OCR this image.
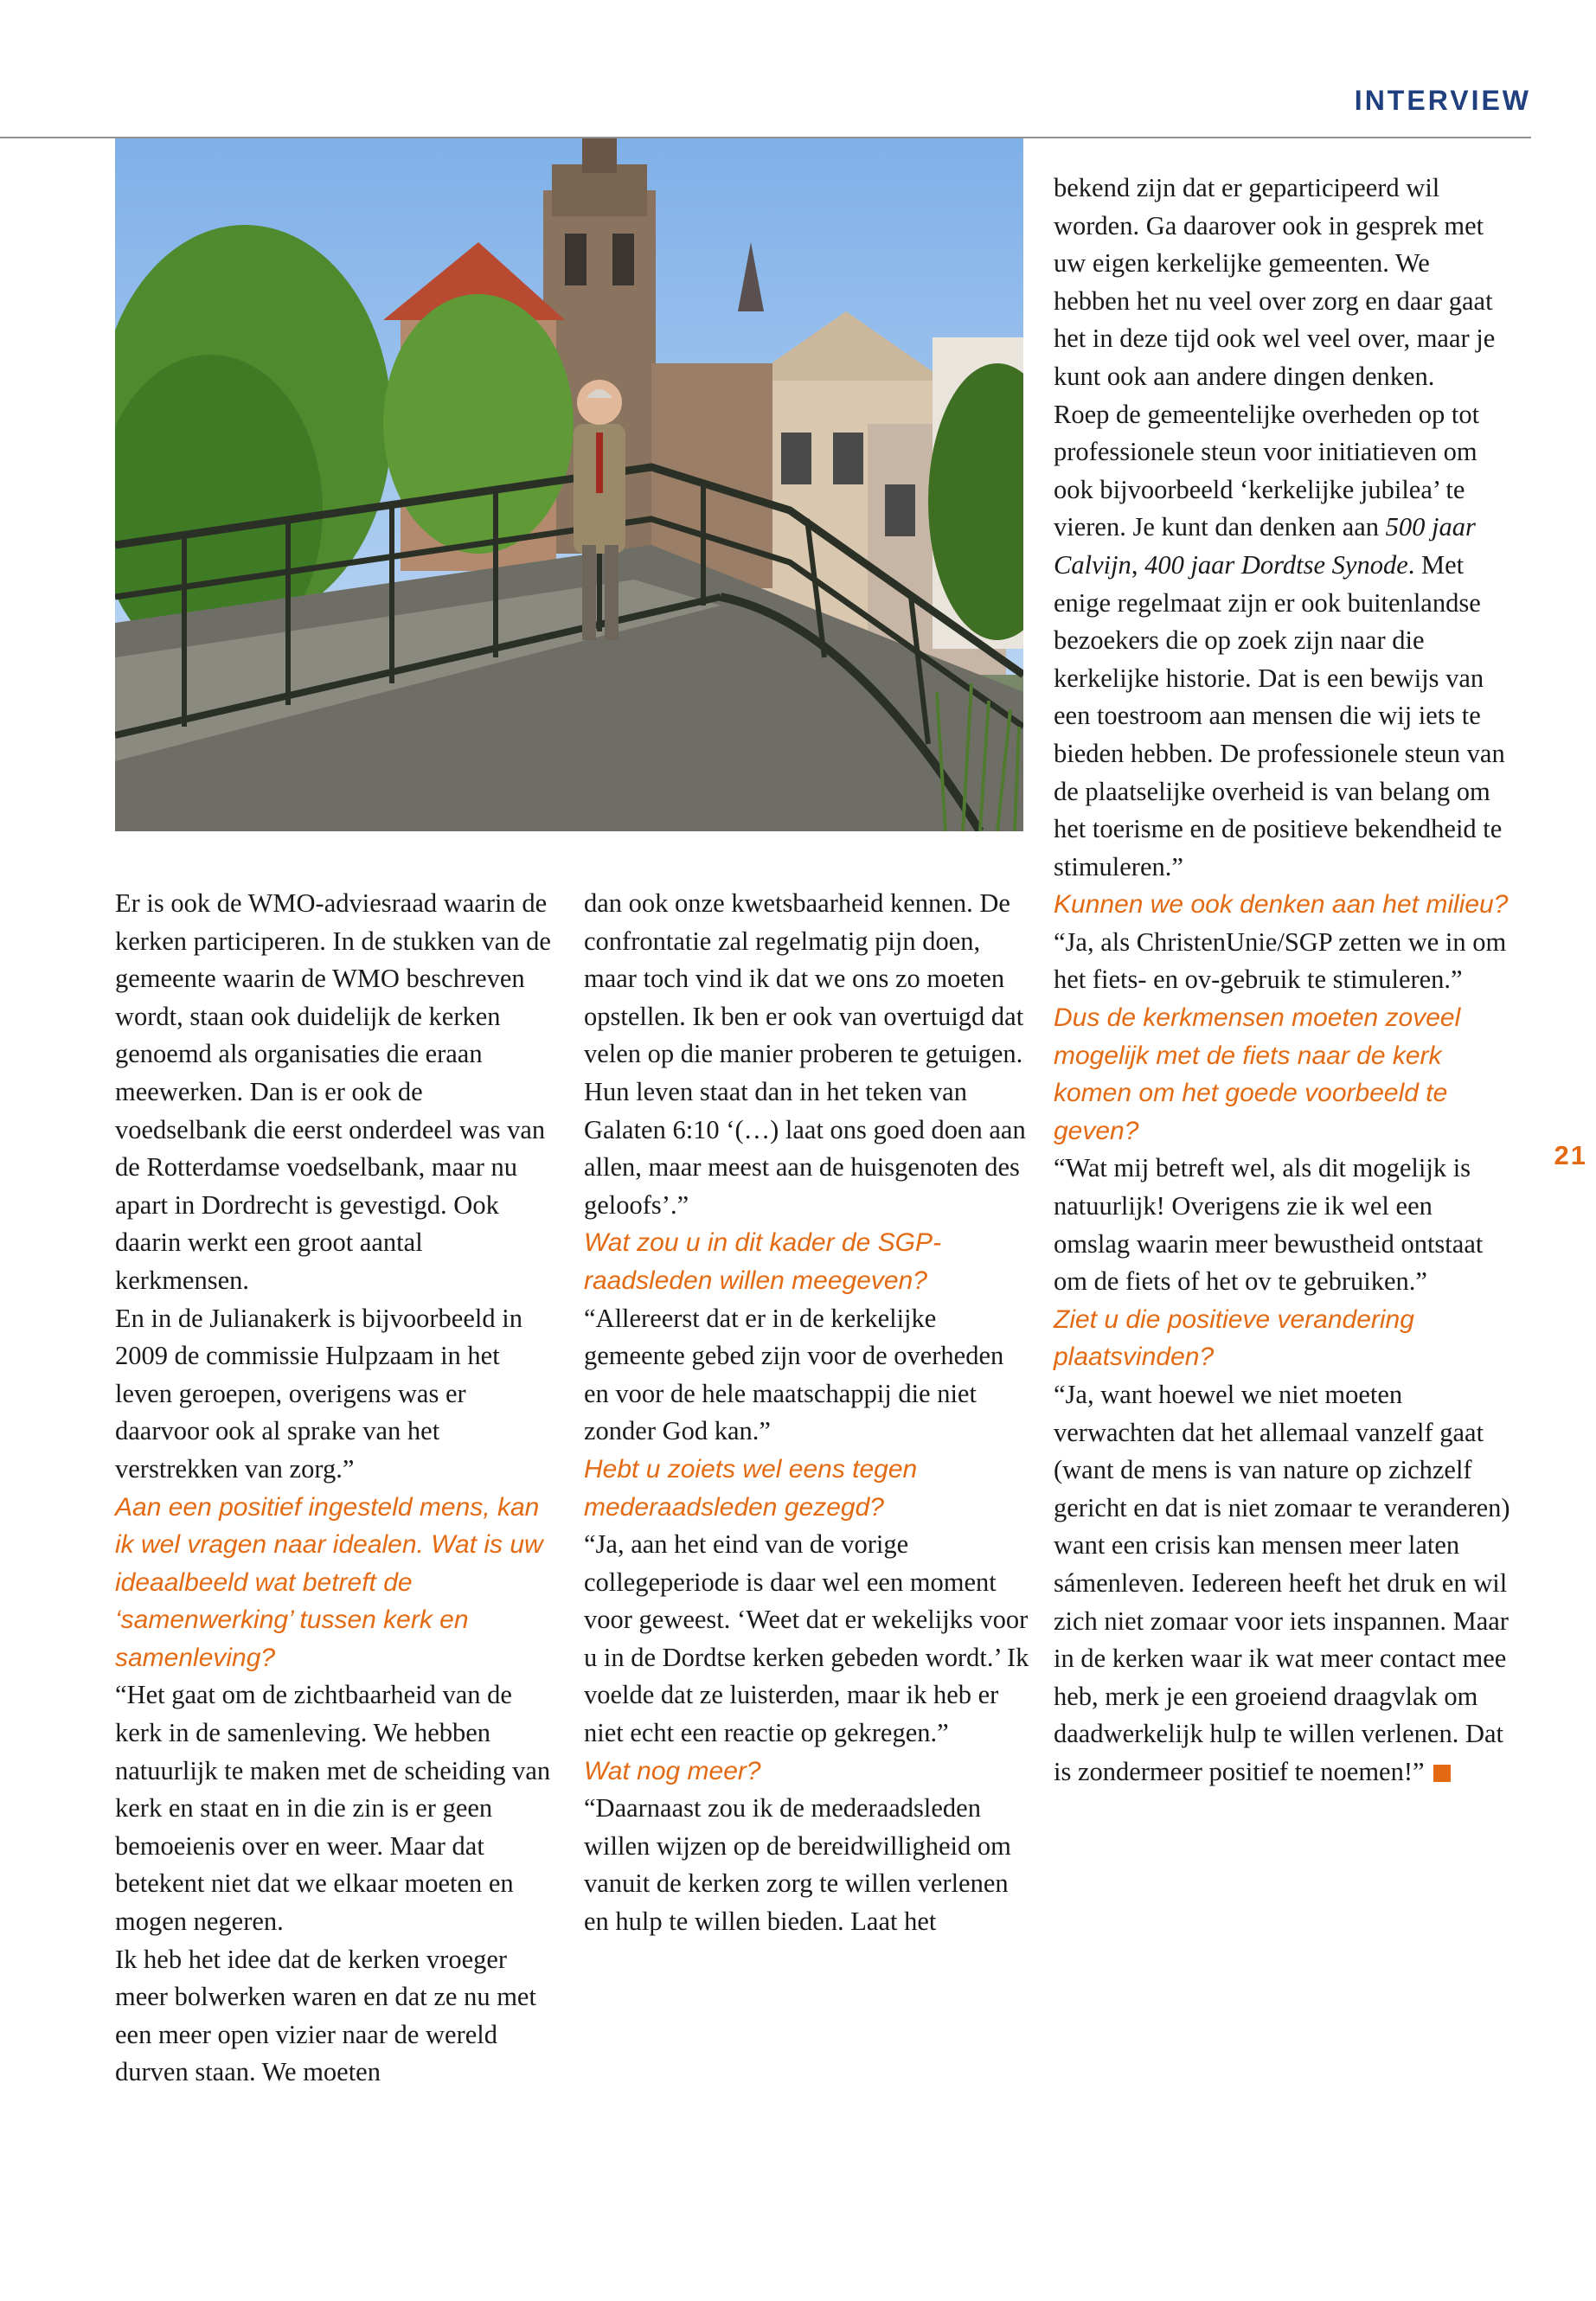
INTERVIEW
21

Er is ook de WMO-adviesraad waarin de kerken participeren. In de stukken van de gemeente waarin de WMO beschreven wordt, staan ook duidelijk de kerken genoemd als organisaties die eraan meewerken. Dan is er ook de voedselbank die eerst onderdeel was van de Rotterdamse voedselbank, maar nu apart in Dordrecht is gevestigd. Ook daarin werkt een groot aantal kerkmensen.

En in de Julianakerk is bijvoorbeeld in 2009 de commissie Hulpzaam in het leven geroepen, overigens was er daarvoor ook al sprake van het verstrekken van zorg.”

Aan een positief ingesteld mens, kan ik wel vragen naar idealen. Wat is uw ideaalbeeld wat betreft de ‘samenwerking’ tussen kerk en samenleving?

“Het gaat om de zichtbaarheid van de kerk in de samenleving. We hebben natuurlijk te maken met de scheiding van kerk en staat en in die zin is er geen bemoeienis over en weer. Maar dat betekent niet dat we elkaar moeten en mogen negeren.

Ik heb het idee dat de kerken vroeger meer bolwerken waren en dat ze nu met een meer open vizier naar de wereld durven staan. We moeten

dan ook onze kwetsbaarheid kennen. De confrontatie zal regelmatig pijn doen, maar toch vind ik dat we ons zo moeten opstellen. Ik ben er ook van overtuigd dat velen op die manier proberen te getuigen. Hun leven staat dan in het teken van Galaten 6:10 ‘(…) laat ons goed doen aan allen, maar meest aan de huisgenoten des geloofs’.”

Wat zou u in dit kader de SGP-raadsleden willen meegeven?

“Allereerst dat er in de kerkelijke gemeente gebed zijn voor de overheden en voor de hele maatschappij die niet zonder God kan.”

Hebt u zoiets wel eens tegen mederaadsleden gezegd?

“Ja, aan het eind van de vorige collegeperiode is daar wel een moment voor geweest. ‘Weet dat er wekelijks voor u in de Dordtse kerken gebeden wordt.’ Ik voelde dat ze luisterden, maar ik heb er niet echt een reactie op gekregen.”

Wat nog meer?

“Daarnaast zou ik de mederaadsleden willen wijzen op de bereidwilligheid om vanuit de kerken zorg te willen verlenen en hulp te willen bieden. Laat het

bekend zijn dat er geparticipeerd wil worden. Ga daarover ook in gesprek met uw eigen kerkelijke gemeenten. We hebben het nu veel over zorg en daar gaat het in deze tijd ook wel veel over, maar je kunt ook aan andere dingen denken.

Roep de gemeentelijke overheden op tot professionele steun voor initiatieven om ook bijvoorbeeld ‘kerkelijke jubilea’ te vieren. Je kunt dan denken aan 500 jaar Calvijn, 400 jaar Dordtse Synode. Met enige regelmaat zijn er ook buitenlandse bezoekers die op zoek zijn naar die kerkelijke historie. Dat is een bewijs van een toestroom aan mensen die wij iets te bieden hebben. De professionele steun van de plaatselijke overheid is van belang om het toerisme en de positieve bekendheid te stimuleren.”

Kunnen we ook denken aan het milieu?

“Ja, als ChristenUnie/SGP zetten we in om het fiets- en ov-gebruik te stimuleren.”

Dus de kerkmensen moeten zoveel mogelijk met de fiets naar de kerk komen om het goede voorbeeld te geven?

“Wat mij betreft wel, als dit mogelijk is natuurlijk! Overigens zie ik wel een omslag waarin meer bewustheid ontstaat om de fiets of het ov te gebruiken.”

Ziet u die positieve verandering plaatsvinden?

“Ja, want hoewel we niet moeten verwachten dat het allemaal vanzelf gaat (want de mens is van nature op zichzelf gericht en dat is niet zomaar te veranderen) want een crisis kan mensen meer laten sámenleven. Iedereen heeft het druk en wil zich niet zomaar voor iets inspannen. Maar in de kerken waar ik wat meer contact mee heb, merk je een groeiend draagvlak om daadwerkelijk hulp te willen verlenen. Dat is zondermeer positief te noemen!”
